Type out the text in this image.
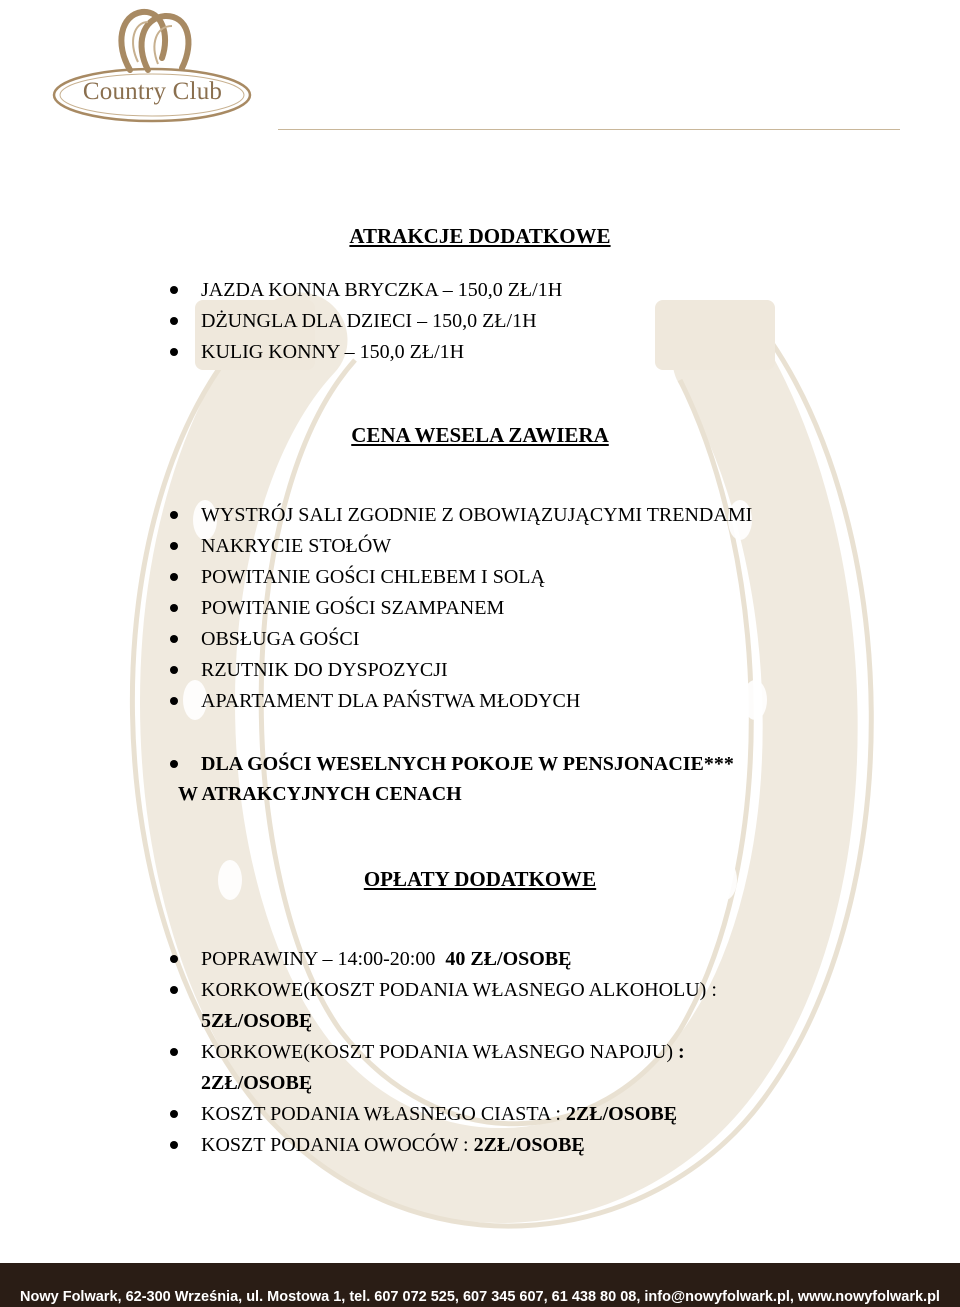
Country Club
ATRAKCJE DODATKOWE
JAZDA KONNA BRYCZKA – 150,0 ZŁ/1H
DŻUNGLA DLA DZIECI – 150,0 ZŁ/1H
KULIG KONNY – 150,0 ZŁ/1H
CENA WESELA ZAWIERA
WYSTRÓJ SALI ZGODNIE Z OBOWIĄZUJĄCYMI TRENDAMI
NAKRYCIE STOŁÓW
POWITANIE GOŚCI CHLEBEM I SOLĄ
POWITANIE GOŚCI SZAMPANEM
OBSŁUGA GOŚCI
RZUTNIK DO DYSPOZYCJI
APARTAMENT DLA PAŃSTWA MŁODYCH
DLA GOŚCI WESELNYCH POKOJE W PENSJONACIE***
W ATRAKCYJNYCH CENACH
OPŁATY DODATKOWE
POPRAWINY – 14:00-20:00 40 ZŁ/OSOBĘ
KORKOWE(KOSZT PODANIA WŁASNEGO ALKOHOLU) :
5ZŁ/OSOBĘ
KORKOWE(KOSZT PODANIA WŁASNEGO NAPOJU) :
2ZŁ/OSOBĘ
KOSZT PODANIA WŁASNEGO CIASTA : 2ZŁ/OSOBĘ
KOSZT PODANIA OWOCÓW : 2ZŁ/OSOBĘ
Nowy Folwark, 62-300 Września, ul. Mostowa 1, tel. 607 072 525, 607 345 607, 61 438 80 08, info@nowyfolwark.pl, www.nowyfolwark.pl
